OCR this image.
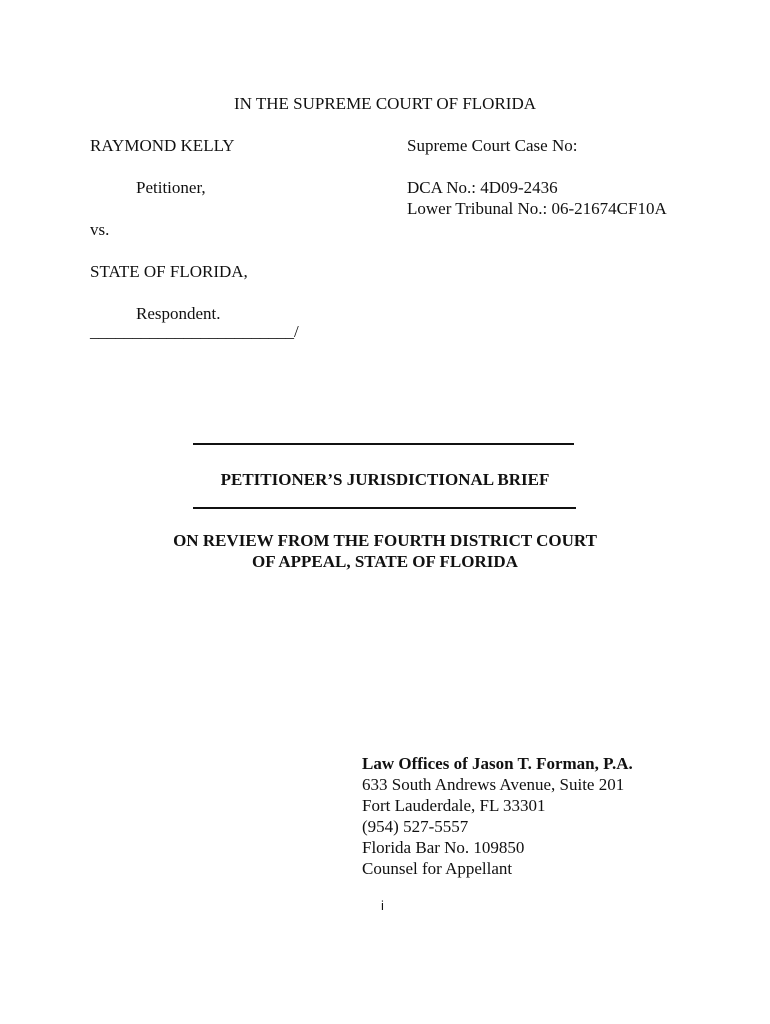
IN THE SUPREME COURT OF FLORIDA

RAYMOND KELLY	Supreme Court Case No:

Petitioner,	DCA No.: 4D09-2436

Lower Tribunal No.: 06-21674CF10A

vs.

STATE OF FLORIDA,

Respondent.

________________________/

PETITIONER’S JURISDICTIONAL BRIEF

ON REVIEW FROM THE FOURTH DISTRICT COURT

OF APPEAL, STATE OF FLORIDA

Law Offices of Jason T. Forman, P.A.

633 South Andrews Avenue, Suite 201

Fort Lauderdale, FL 33301

(954) 527-5557

Florida Bar No. 109850

Counsel for Appellant

i
